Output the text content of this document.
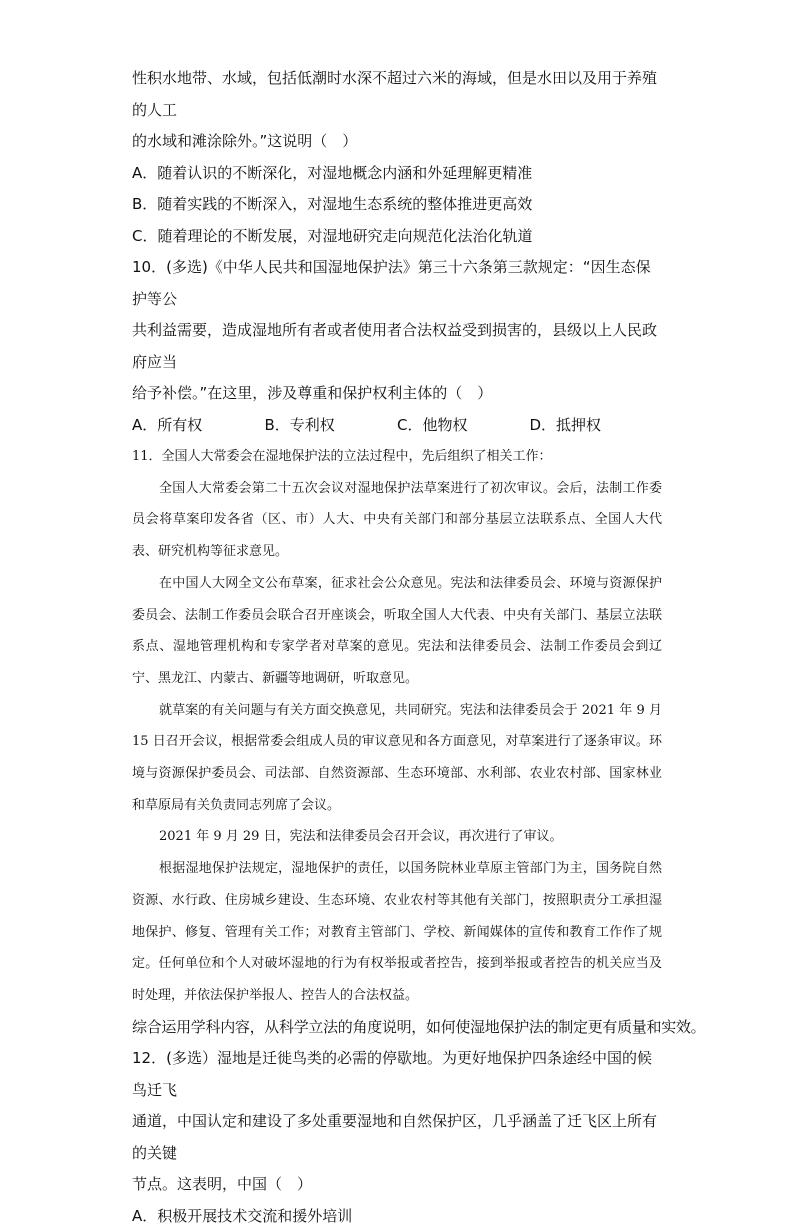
性积水地带、水域，包括低潮时水深不超过六米的海域，但是水田以及用于养殖的人工

的水域和滩涂除外。”这说明（　）

A．随着认识的不断深化，对湿地概念内涵和外延理解更精准

B．随着实践的不断深入，对湿地生态系统的整体推进更高效

C．随着理论的不断发展，对湿地研究走向规范化法治化轨道

10．(多选)《中华人民共和国湿地保护法》第三十六条第三款规定：“因生态保护等公

共利益需要，造成湿地所有者或者使用者合法权益受到损害的，县级以上人民政府应当

给予补偿。”在这里，涉及尊重和保护权利主体的（　）

A．所有权	B．专利权	C．他物权	D．抵押权

11．全国人大常委会在湿地保护法的立法过程中，先后组织了相关工作：

全国人大常委会第二十五次会议对湿地保护法草案进行了初次审议。会后，法制工作委员会将草案印发各省（区、市）人大、中央有关部门和部分基层立法联系点、全国人大代表、研究机构等征求意见。

在中国人大网全文公布草案，征求社会公众意见。宪法和法律委员会、环境与资源保护委员会、法制工作委员会联合召开座谈会，听取全国人大代表、中央有关部门、基层立法联系点、湿地管理机构和专家学者对草案的意见。宪法和法律委员会、法制工作委员会到辽宁、黑龙江、内蒙古、新疆等地调研，听取意见。

就草案的有关问题与有关方面交换意见，共同研究。宪法和法律委员会于 2021 年 9 月 15 日召开会议，根据常委会组成人员的审议意见和各方面意见，对草案进行了逐条审议。环境与资源保护委员会、司法部、自然资源部、生态环境部、水利部、农业农村部、国家林业和草原局有关负责同志列席了会议。

2021 年 9 月 29 日，宪法和法律委员会召开会议，再次进行了审议。

根据湿地保护法规定，湿地保护的责任，以国务院林业草原主管部门为主，国务院自然资源、水行政、住房城乡建设、生态环境、农业农村等其他有关部门，按照职责分工承担湿地保护、修复、管理有关工作；对教育主管部门、学校、新闻媒体的宣传和教育工作作了规定。任何单位和个人对破坏湿地的行为有权举报或者控告，接到举报或者控告的机关应当及时处理，并依法保护举报人、控告人的合法权益。

综合运用学科内容，从科学立法的角度说明，如何使湿地保护法的制定更有质量和实效。

12．(多选）湿地是迁徙鸟类的必需的停歇地。为更好地保护四条途经中国的候鸟迁飞

通道，中国认定和建设了多处重要湿地和自然保护区，几乎涵盖了迁飞区上所有的关键

节点。这表明，中国（　）

A．积极开展技术交流和援外培训
